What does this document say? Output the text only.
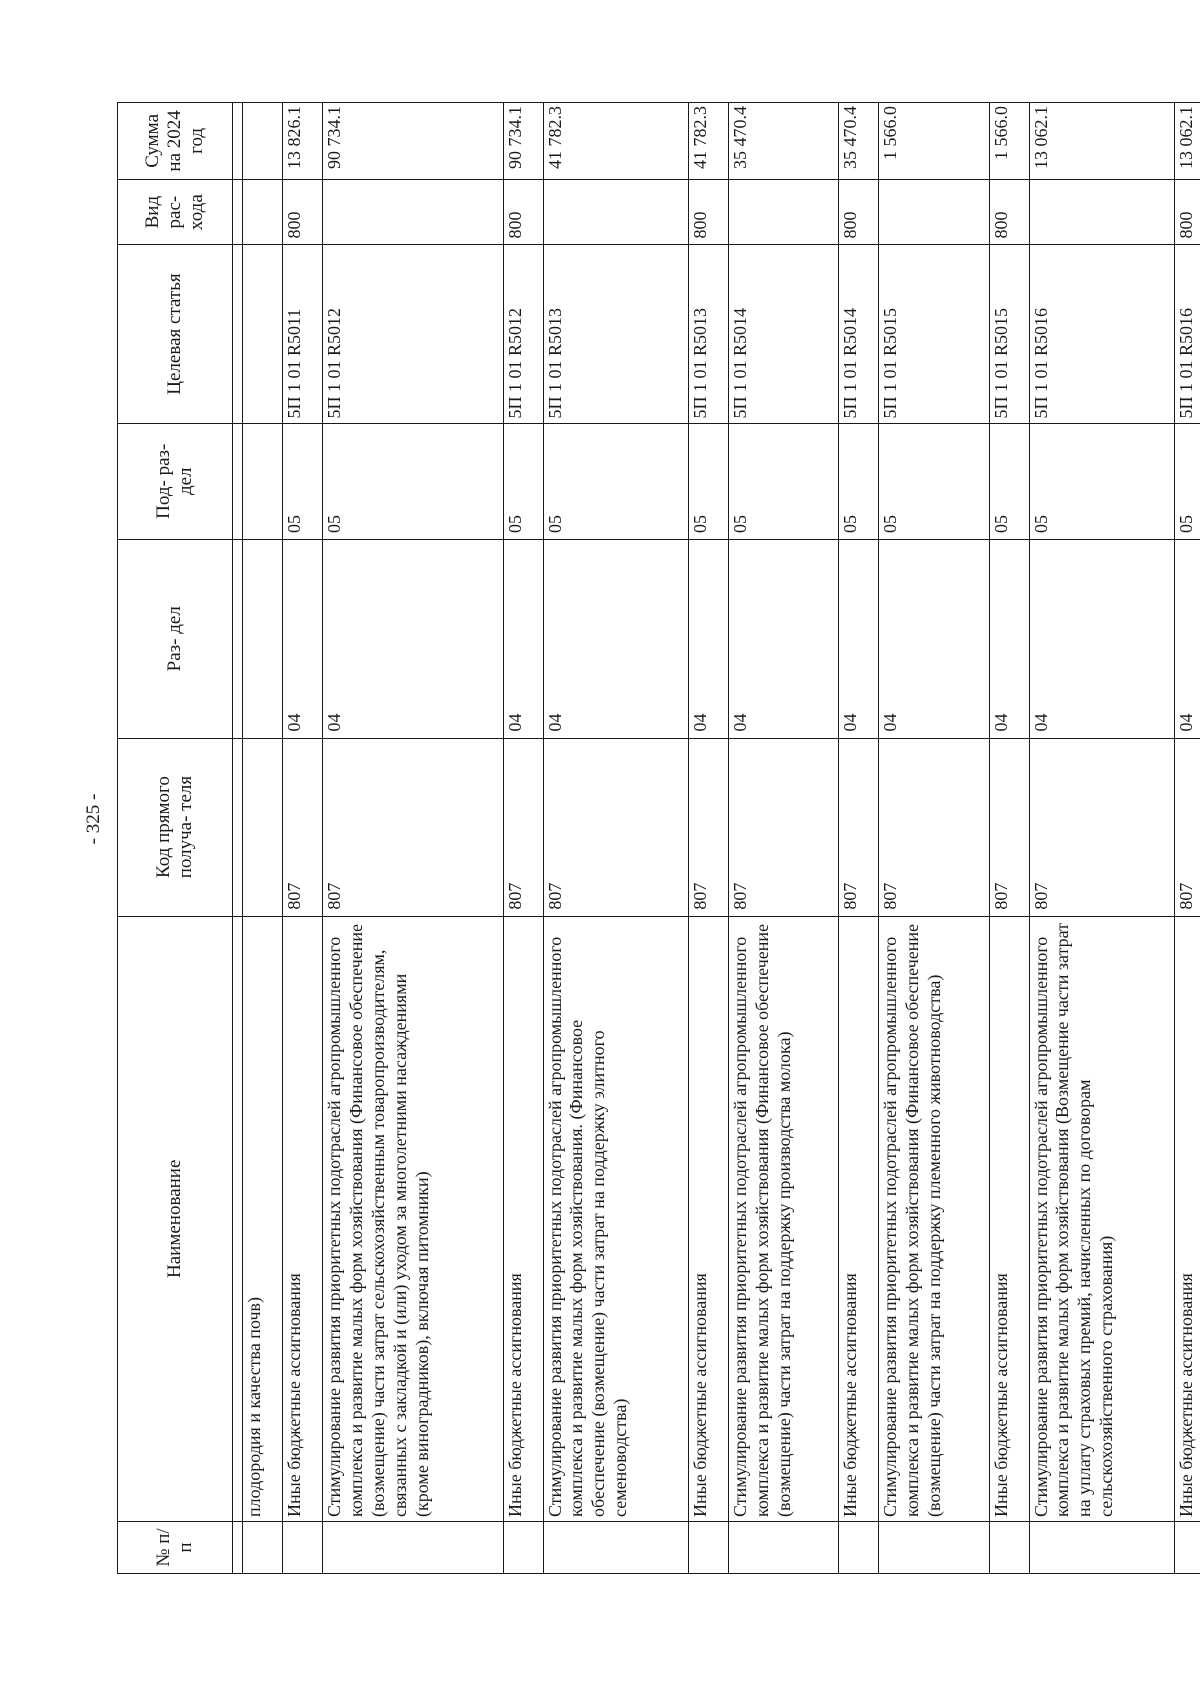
- 325 -
№ п/п	Наименование	Код прямого получа- теля	Раз- дел	Под- раз- дел	Целевая статья	Вид рас- хода	Сумма на 2024 год

	плодородия и качества почв)						
	Иные бюджетные ассигнования	807	04	05	5П 1 01 R5011	800	13 826.1
	Стимулирование развития приоритетных подотраслей агропромышленного комплекса и развитие малых форм хозяйствования (Финансовое обеспечение (возмещение) части затрат сельскохозяйственным товаропроизводителям, связанных с закладкой и (или) уходом за многолетними насаждениями (кроме виноградников), включая питомники)	807	04	05	5П 1 01 R5012		90 734.1
	Иные бюджетные ассигнования	807	04	05	5П 1 01 R5012	800	90 734.1
	Стимулирование развития приоритетных подотраслей агропромышленного комплекса и развитие малых форм хозяйствования. (Финансовое обеспечение (возмещение) части затрат на поддержку элитного семеноводства)	807	04	05	5П 1 01 R5013		41 782.3
	Иные бюджетные ассигнования	807	04	05	5П 1 01 R5013	800	41 782.3
	Стимулирование развития приоритетных подотраслей агропромышленного комплекса и развитие малых форм хозяйствования (Финансовое обеспечение (возмещение) части затрат на поддержку производства молока)	807	04	05	5П 1 01 R5014		35 470.4
	Иные бюджетные ассигнования	807	04	05	5П 1 01 R5014	800	35 470.4
	Стимулирование развития приоритетных подотраслей агропромышленного комплекса и развитие малых форм хозяйствования (Финансовое обеспечение (возмещение) части затрат на поддержку племенного животноводства)	807	04	05	5П 1 01 R5015		1 566.0
	Иные бюджетные ассигнования	807	04	05	5П 1 01 R5015	800	1 566.0
	Стимулирование развития приоритетных подотраслей агропромышленного комплекса и развитие малых форм хозяйствования (Возмещение части затрат на уплату страховых премий, начисленных по договорам сельскохозяйственного страхования)	807	04	05	5П 1 01 R5016		13 062.1
	Иные бюджетные ассигнования	807	04	05	5П 1 01 R5016	800	13 062.1
